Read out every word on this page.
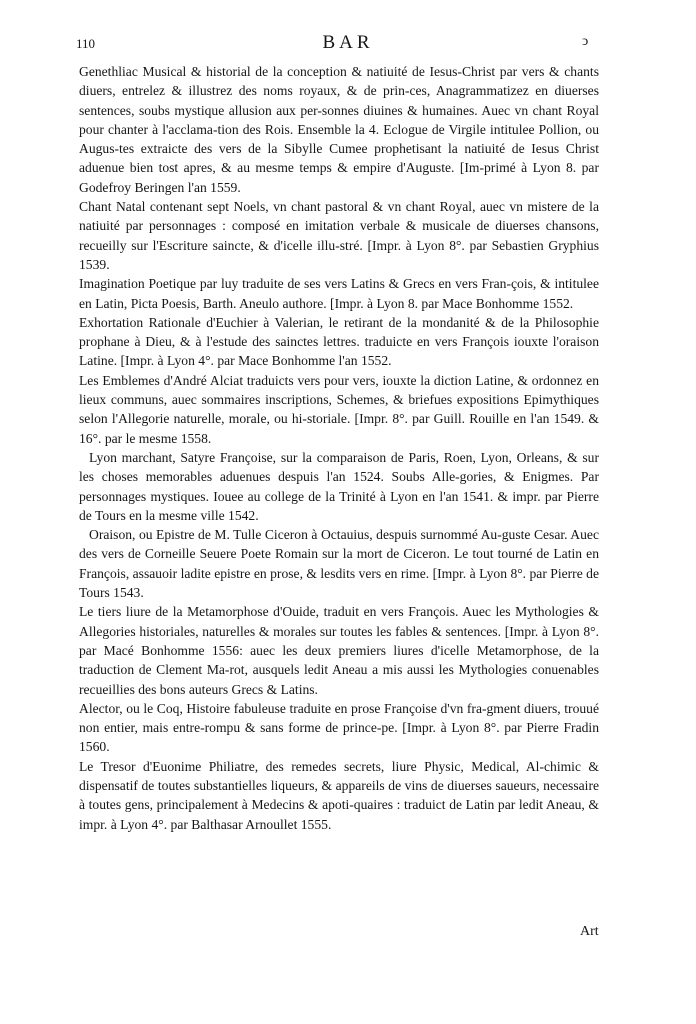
110	BAR	ↄ

Genethliac Musical & historial de la conception & natiuité de Iesus-Christ par vers & chants diuers, entrelez & illustrez des noms royaux, & de prin-ces, Anagrammatizez en diuerses sentences, soubs mystique allusion aux per-sonnes diuines & humaines. Auec vn chant Royal pour chanter à l'acclama-tion des Rois. Ensemble la 4. Eclogue de Virgile intitulee Pollion, ou Augus-tes extraicte des vers de la Sibylle Cumee prophetisant la natiuité de Iesus Christ aduenue bien tost apres, & au mesme temps & empire d'Auguste. [Im-primé à Lyon 8. par Godefroy Beringen l'an 1559.

Chant Natal contenant sept Noels, vn chant pastoral & vn chant Royal, auec vn mistere de la natiuité par personnages : composé en imitation verbale & musicale de diuerses chansons, recueilly sur l'Escriture saincte, & d'icelle illu-stré. [Impr. à Lyon 8°. par Sebastien Gryphius 1539.

Imagination Poetique par luy traduite de ses vers Latins & Grecs en vers Fran-çois, & intitulee en Latin, Picta Poesis, Barth. Aneulo authore. [Impr. à Lyon 8. par Mace Bonhomme 1552.

Exhortation Rationale d'Euchier à Valerian, le retirant de la mondanité & de la Philosophie prophane à Dieu, & à l'estude des sainctes lettres. traduicte en vers François iouxte l'oraison Latine. [Impr. à Lyon 4°. par Mace Bonhomme l'an 1552.

Les Emblemes d'André Alciat traduicts vers pour vers, iouxte la diction Latine, & ordonnez en lieux communs, auec sommaires inscriptions, Schemes, & briefues expositions Epimythiques selon l'Allegorie naturelle, morale, ou hi-storiale. [Impr. 8°. par Guill. Rouille en l'an 1549. & 16°. par le mesme 1558.

Lyon marchant, Satyre Françoise, sur la comparaison de Paris, Roen, Lyon, Orleans, & sur les choses memorables aduenues despuis l'an 1524. Soubs Alle-gories, & Enigmes. Par personnages mystiques. Iouee au college de la Trinité à Lyon en l'an 1541. & impr. par Pierre de Tours en la mesme ville 1542.

Oraison, ou Epistre de M. Tulle Ciceron à Octauius, despuis surnommé Au-guste Cesar. Auec des vers de Corneille Seuere Poete Romain sur la mort de Ciceron. Le tout tourné de Latin en François, assauoir ladite epistre en prose, & lesdits vers en rime. [Impr. à Lyon 8°. par Pierre de Tours 1543.

Le tiers liure de la Metamorphose d'Ouide, traduit en vers François. Auec les Mythologies & Allegories historiales, naturelles & morales sur toutes les fables & sentences. [Impr. à Lyon 8°. par Macé Bonhomme 1556: auec les deux premiers liures d'icelle Metamorphose, de la traduction de Clement Ma-rot, ausquels ledit Aneau a mis aussi les Mythologies conuenables recueillies des bons auteurs Grecs & Latins.

Alector, ou le Coq, Histoire fabuleuse traduite en prose Françoise d'vn fra-gment diuers, trouué non entier, mais entre-rompu & sans forme de prince-pe. [Impr. à Lyon 8°. par Pierre Fradin 1560.

Le Tresor d'Euonime Philiatre, des remedes secrets, liure Physic, Medical, Al-chimic & dispensatif de toutes substantielles liqueurs, & appareils de vins de diuerses saueurs, necessaire à toutes gens, principalement à Medecins & apoti-quaires : traduict de Latin par ledit Aneau, & impr. à Lyon 4°. par Balthasar Arnoullet 1555.

Art
